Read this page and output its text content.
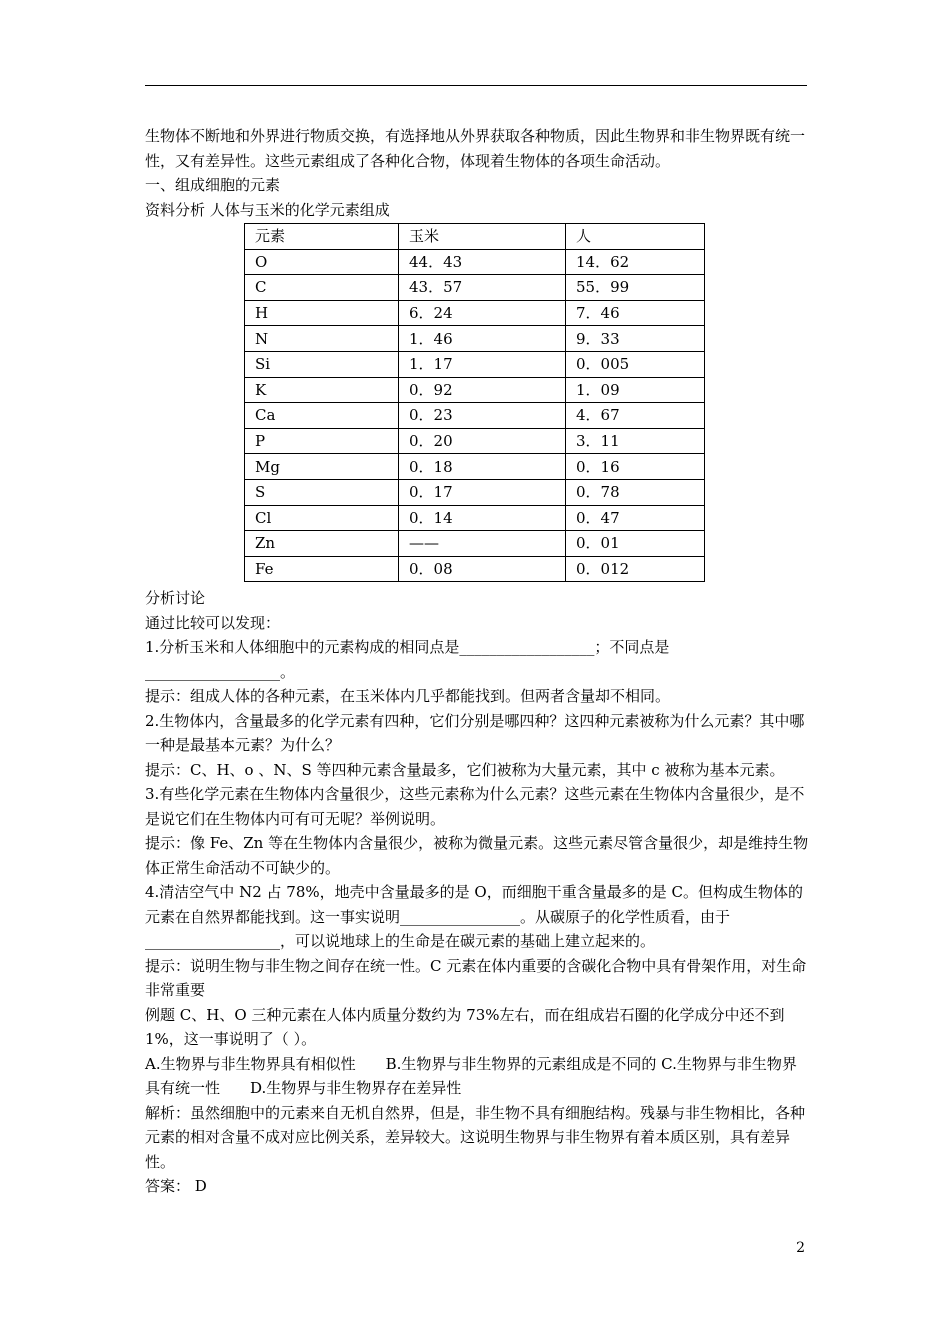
生物体不断地和外界进行物质交换，有选择地从外界获取各种物质，因此生物界和非生物界既有统一性，又有差异性。这些元素组成了各种化合物，体现着生物体的各项生命活动。

一、组成细胞的元素

资料分析 人体与玉米的化学元素组成

元素	玉米	人
O	44．43	14．62
C	43．57	55．99
H	6．24	7．46
N	1．46	9．33
Si	1．17	0．005
K	0．92	1．09
Ca	0．23	4．67
P	0．20	3．11
Mg	0．18	0．16
S	0．17	0．78
Cl	0．14	0．47
Zn	——	0．01
Fe	0．08	0．012

分析讨论

通过比较可以发现：

1.分析玉米和人体细胞中的元素构成的相同点是__________________；不同点是__________________。

提示：组成人体的各种元素，在玉米体内几乎都能找到。但两者含量却不相同。

2.生物体内，含量最多的化学元素有四种，它们分别是哪四种？这四种元素被称为什么元素？其中哪一种是最基本元素？为什么？

提示：C、H、o 、N、S 等四种元素含量最多，它们被称为大量元素，其中 c 被称为基本元素。

3.有些化学元素在生物体内含量很少，这些元素称为什么元素？这些元素在生物体内含量很少，是不是说它们在生物体内可有可无呢？举例说明。

提示：像 Fe、Zn 等在生物体内含量很少，被称为微量元素。这些元素尽管含量很少，却是维持生物体正常生命活动不可缺少的。

4.清洁空气中 N2 占 78%，地壳中含量最多的是 O，而细胞干重含量最多的是 C。但构成生物体的元素在自然界都能找到。这一事实说明________________。从碳原子的化学性质看，由于__________________，可以说地球上的生命是在碳元素的基础上建立起来的。

提示：说明生物与非生物之间存在统一性。C 元素在体内重要的含碳化合物中具有骨架作用，对生命非常重要

例题 C、H、O 三种元素在人体内质量分数约为 73%左右，而在组成岩石圈的化学成分中还不到 1%，这一事说明了（ ）。

A.生物界与非生物界具有相似性　　B.生物界与非生物界的元素组成是不同的 C.生物界与非生物界具有统一性　　D.生物界与非生物界存在差异性

解析：虽然细胞中的元素来自无机自然界，但是，非生物不具有细胞结构。残暴与非生物相比，各种元素的相对含量不成对应比例关系，差异较大。这说明生物界与非生物界有着本质区别，具有差异性。

答案： D

2
